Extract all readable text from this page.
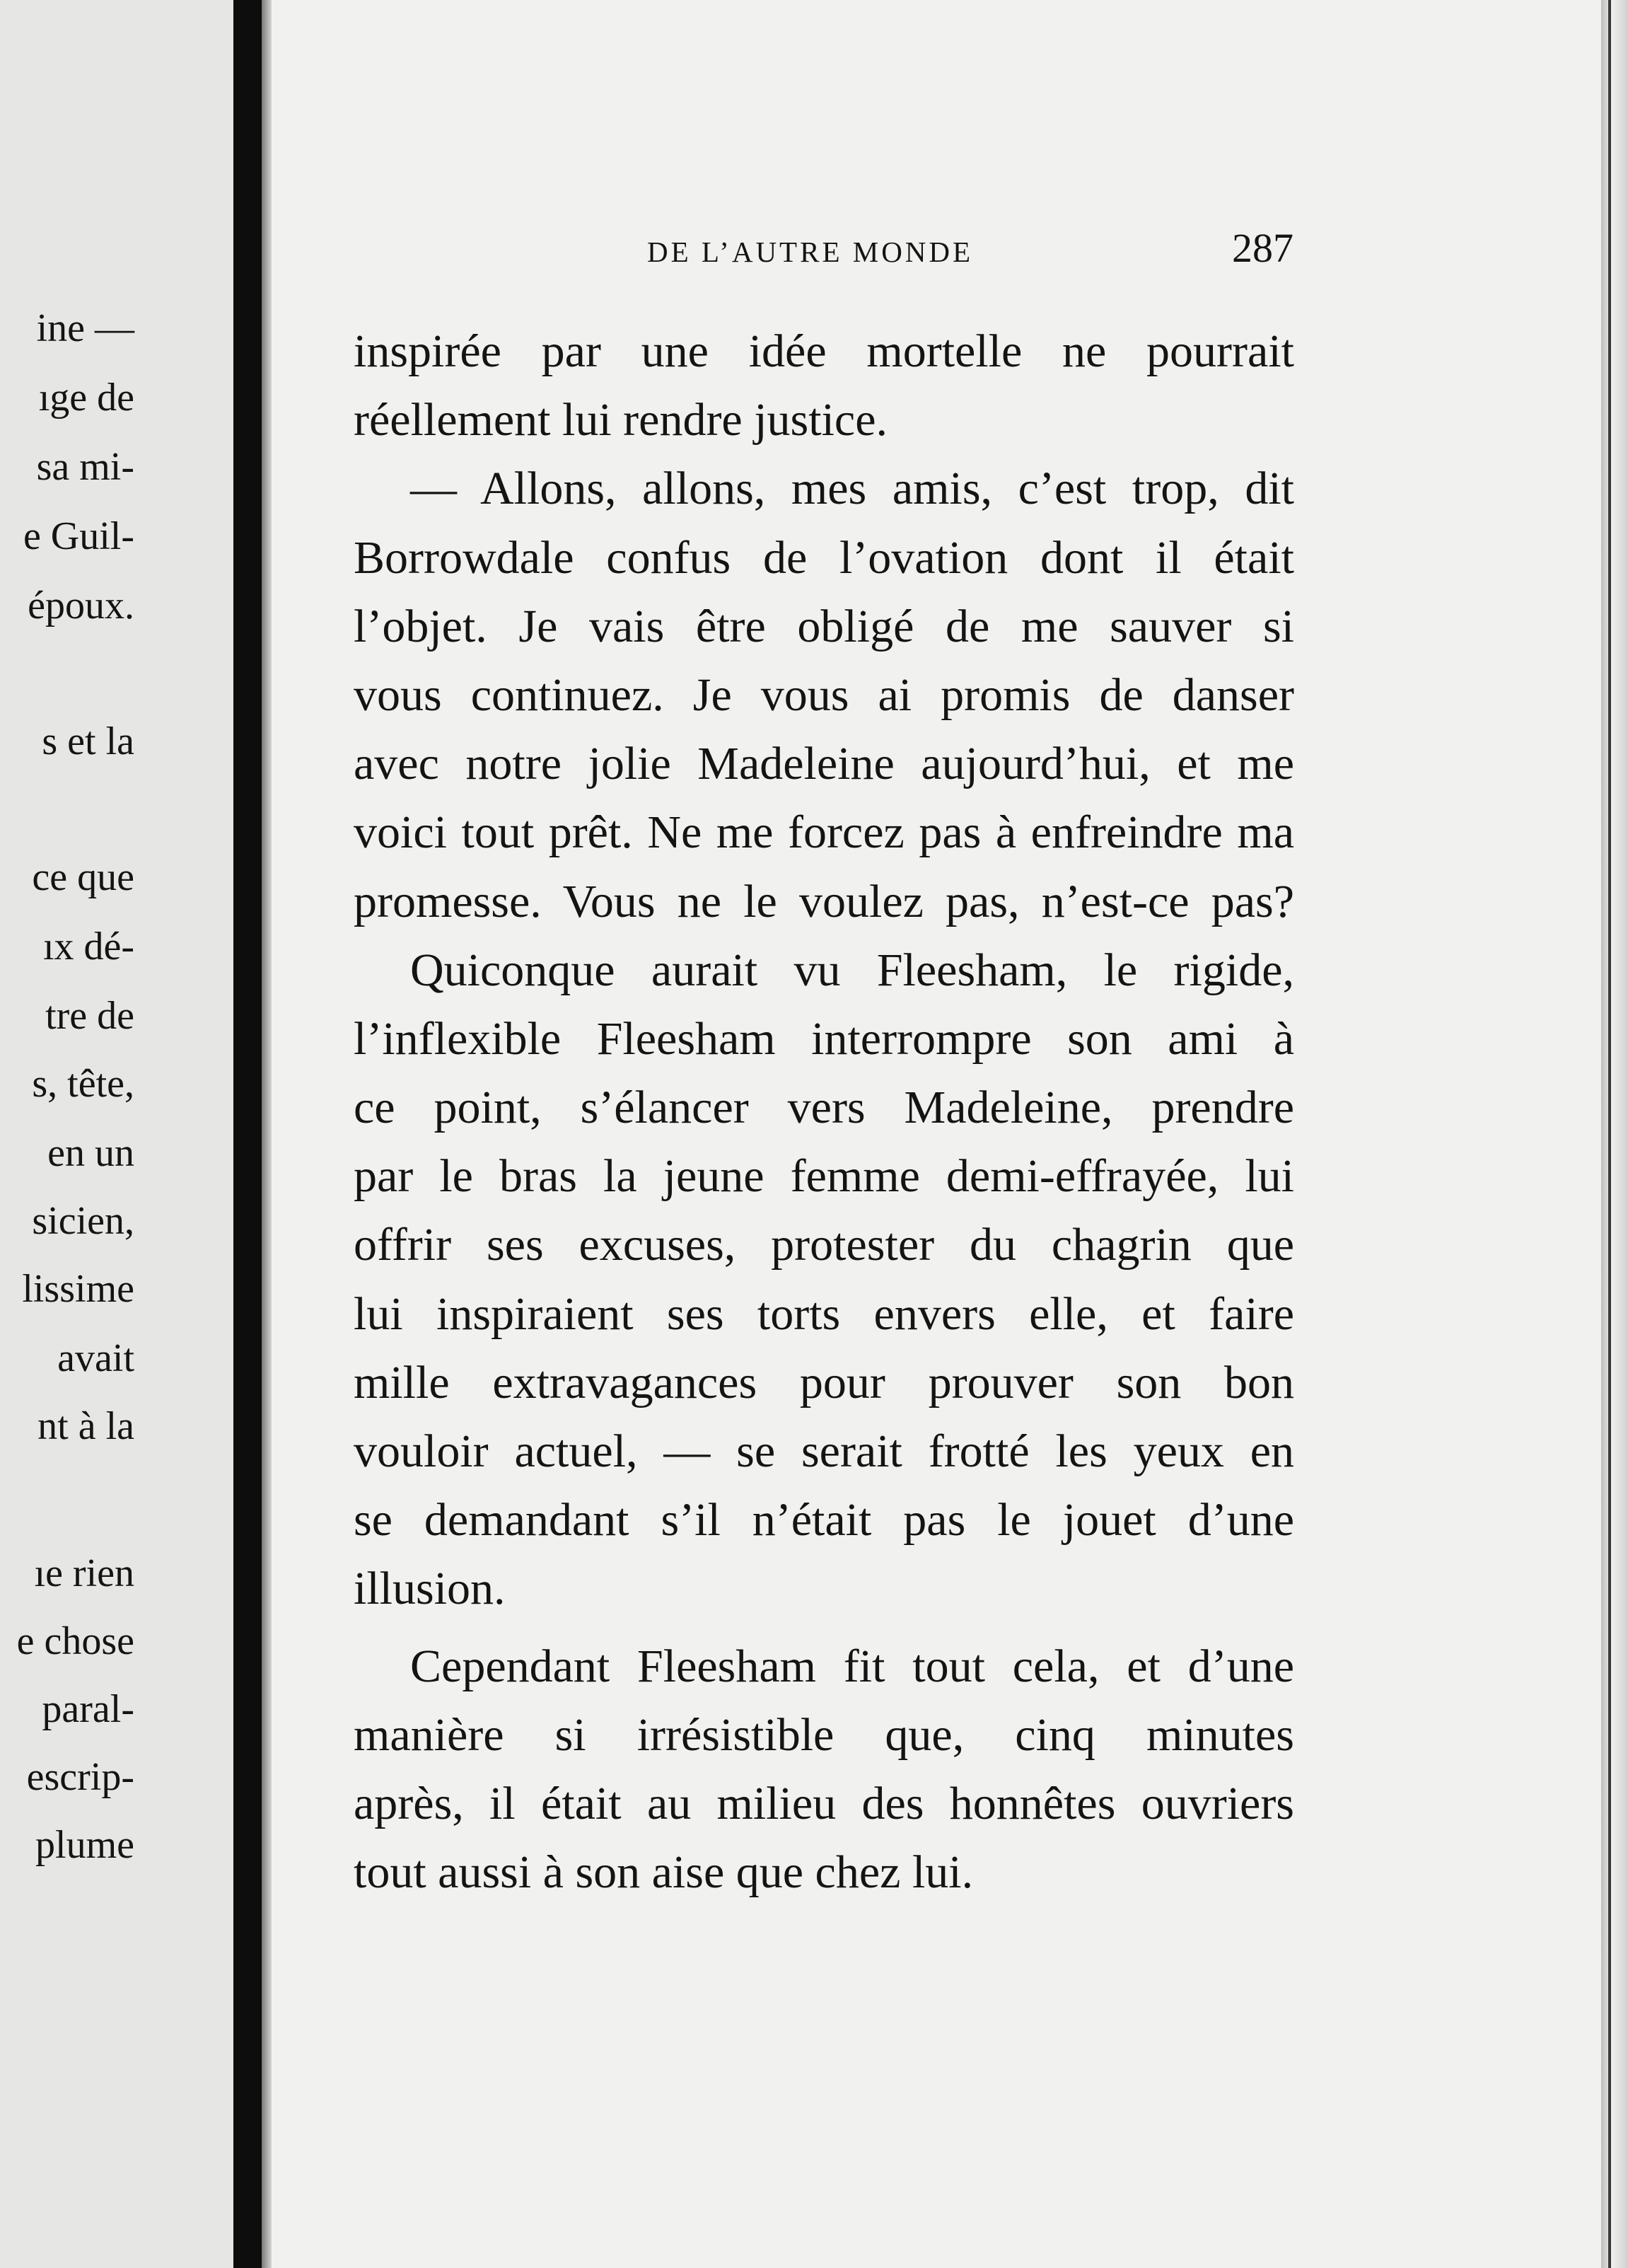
ine —
ıge de
sa mi-
e Guil-
époux.
s et la
ce que
ıx dé-
tre de
s, tête,
en un
sicien,
lissime
avait
nt à la
ıe rien
e chose
paral-
escrip-
plume
DE L’AUTRE MONDE	287
inspirée par une idée mortelle ne pourrait
réellement lui rendre justice.
— Allons, allons, mes amis, c’est trop, dit
Borrowdale confus de l’ovation dont il était
l’objet. Je vais être obligé de me sauver si
vous continuez. Je vous ai promis de danser
avec notre jolie Madeleine aujourd’hui, et me
voici tout prêt. Ne me forcez pas à enfreindre ma
promesse. Vous ne le voulez pas, n’est-ce pas?
Quiconque aurait vu Fleesham, le rigide,
l’inflexible Fleesham interrompre son ami à
ce point, s’élancer vers Madeleine, prendre
par le bras la jeune femme demi-effrayée, lui
offrir ses excuses, protester du chagrin que
lui inspiraient ses torts envers elle, et faire
mille extravagances pour prouver son bon
vouloir actuel, — se serait frotté les yeux en
se demandant s’il n’était pas le jouet d’une
illusion.
Cependant Fleesham fit tout cela, et d’une
manière si irrésistible que, cinq minutes
après, il était au milieu des honnêtes ouvriers
tout aussi à son aise que chez lui.
